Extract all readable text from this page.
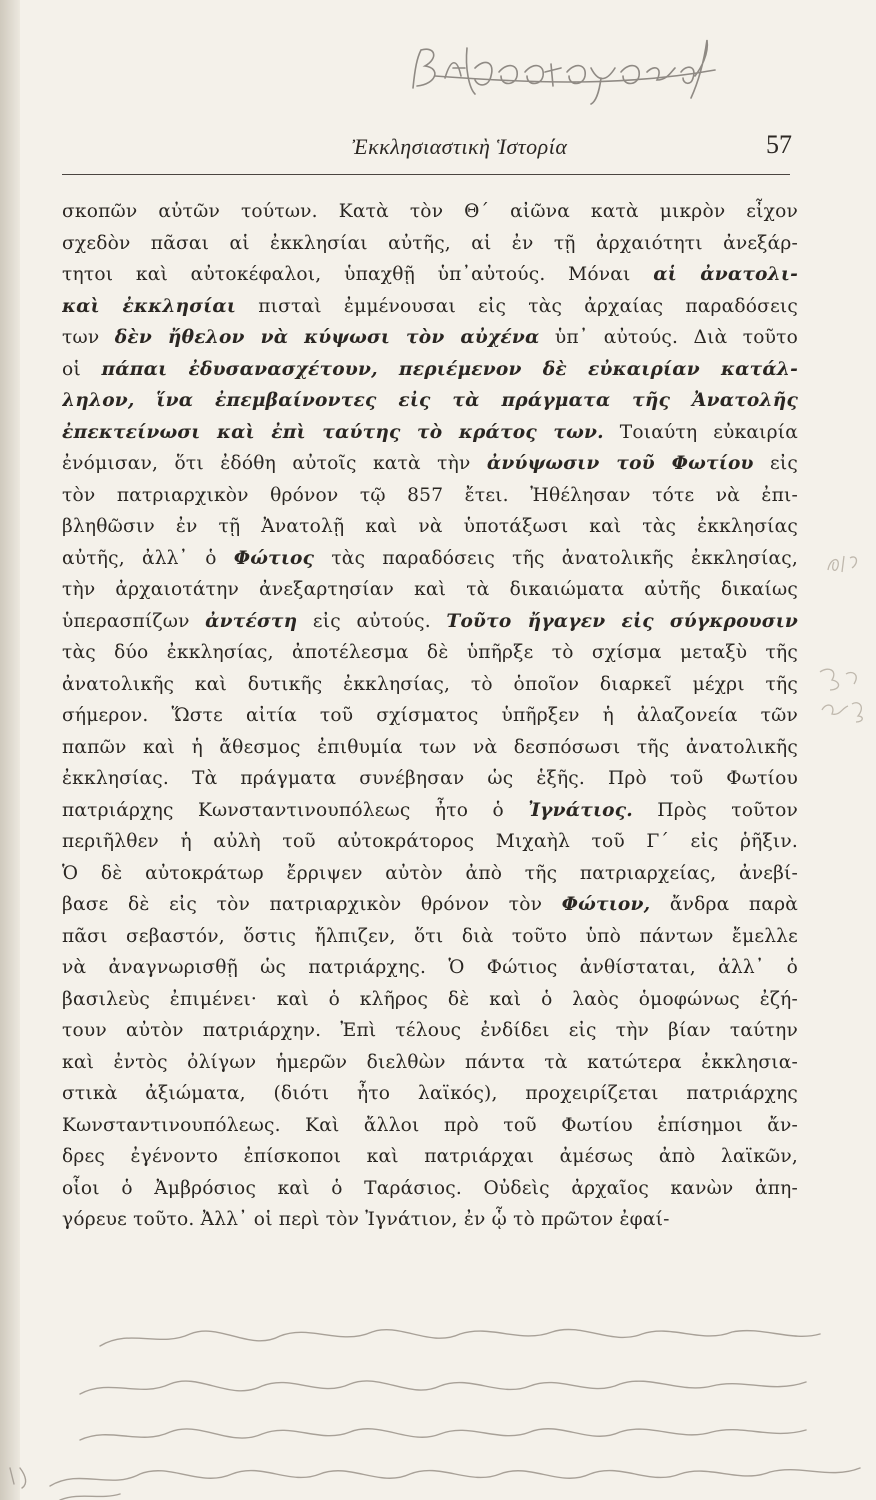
Ἐκκλησιαστικὴ Ἱστορία	57
σκοπῶν αὐτῶν τούτων. Κατὰ τὸν Θ΄ αἰῶνα κατὰ μικρὸν εἶχον
σχεδὸν πᾶσαι αἱ ἐκκλησίαι αὐτῆς, αἱ ἐν τῇ ἀρχαιότητι ἀνεξάρ-
τητοι καὶ αὐτοκέφαλοι, ὑπαχθῇ ὑπ᾽αὐτούς. Μόναι αἱ ἀνατολι-
καὶ ἐκκλησίαι πισταὶ ἐμμένουσαι εἰς τὰς ἀρχαίας παραδόσεις
των δὲν ἤθελον νὰ κύψωσι τὸν αὐχένα ὑπ᾽ αὐτούς. Διὰ τοῦτο
οἱ πάπαι ἐδυσανασχέτουν, περιέμενον δὲ εὐκαιρίαν κατάλ-
ληλον, ἵνα ἐπεμβαίνοντες εἰς τὰ πράγματα τῆς Ἀνατολῆς
ἐπεκτείνωσι καὶ ἐπὶ ταύτης τὸ κράτος των. Τοιαύτη εὐκαιρία
ἐνόμισαν, ὅτι ἐδόθη αὐτοῖς κατὰ τὴν ἀνύψωσιν τοῦ Φωτίου εἰς
τὸν πατριαρχικὸν θρόνον τῷ 857 ἔτει. Ἠθέλησαν τότε νὰ ἐπι-
βληθῶσιν ἐν τῇ Ἀνατολῇ καὶ νὰ ὑποτάξωσι καὶ τὰς ἐκκλησίας
αὐτῆς, ἀλλ᾽ ὁ Φώτιος τὰς παραδόσεις τῆς ἀνατολικῆς ἐκκλησίας,
τὴν ἀρχαιοτάτην ἀνεξαρτησίαν καὶ τὰ δικαιώματα αὐτῆς δικαίως
ὑπερασπίζων ἀντέστη εἰς αὐτούς. Τοῦτο ἤγαγεν εἰς σύγκρουσιν
τὰς δύο ἐκκλησίας, ἀποτέλεσμα δὲ ὑπῆρξε τὸ σχίσμα μεταξὺ τῆς
ἀνατολικῆς καὶ δυτικῆς ἐκκλησίας, τὸ ὁποῖον διαρκεῖ μέχρι τῆς
σήμερον. Ὥστε αἰτία τοῦ σχίσματος ὑπῆρξεν ἡ ἀλαζονεία τῶν
παπῶν καὶ ἡ ἄθεσμος ἐπιθυμία των νὰ δεσπόσωσι τῆς ἀνατολικῆς
ἐκκλησίας. Τὰ πράγματα συνέβησαν ὡς ἑξῆς. Πρὸ τοῦ Φωτίου
πατριάρχης Κωνσταντινουπόλεως ἦτο ὁ Ἰγνάτιος. Πρὸς τοῦτον
περιῆλθεν ἡ αὐλὴ τοῦ αὐτοκράτορος Μιχαὴλ τοῦ Γ΄ εἰς ῥῆξιν.
Ὁ δὲ αὐτοκράτωρ ἔρριψεν αὐτὸν ἀπὸ τῆς πατριαρχείας, ἀνεβί-
βασε δὲ εἰς τὸν πατριαρχικὸν θρόνον τὸν Φώτιον, ἄνδρα παρὰ
πᾶσι σεβαστόν, ὅστις ἤλπιζεν, ὅτι διὰ τοῦτο ὑπὸ πάντων ἔμελλε
νὰ ἀναγνωρισθῇ ὡς πατριάρχης. Ὁ Φώτιος ἀνθίσταται, ἀλλ᾽ ὁ
βασιλεὺς ἐπιμένει· καὶ ὁ κλῆρος δὲ καὶ ὁ λαὸς ὁμοφώνως ἐζή-
τουν αὐτὸν πατριάρχην. Ἐπὶ τέλους ἐνδίδει εἰς τὴν βίαν ταύτην
καὶ ἐντὸς ὀλίγων ἡμερῶν διελθὼν πάντα τὰ κατώτερα ἐκκλησια-
στικὰ ἀξιώματα, (διότι ἦτο λαϊκός), προχειρίζεται πατριάρχης
Κωνσταντινουπόλεως. Καὶ ἄλλοι πρὸ τοῦ Φωτίου ἐπίσημοι ἄν-
δρες ἐγένοντο ἐπίσκοποι καὶ πατριάρχαι ἀμέσως ἀπὸ λαϊκῶν,
οἷοι ὁ Ἀμβρόσιος καὶ ὁ Ταράσιος. Οὐδεὶς ἀρχαῖος κανὼν ἀπη-
γόρευε τοῦτο. Ἀλλ᾽ οἱ περὶ τὸν Ἰγνάτιον, ἐν ᾧ τὸ πρῶτον ἐφαί-
